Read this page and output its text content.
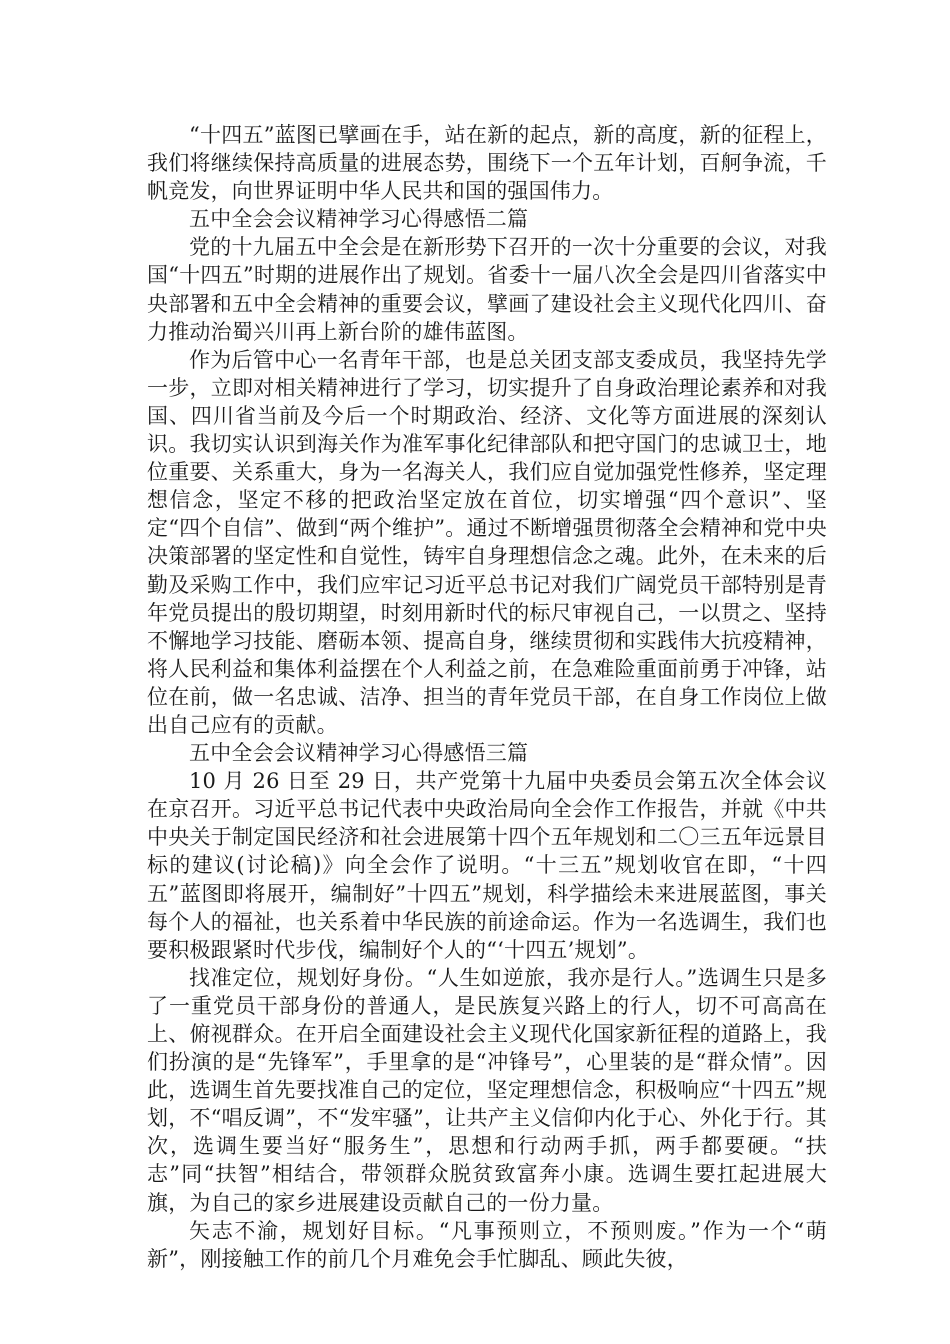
“十四五”蓝图已擘画在手，站在新的起点，新的高度，新的征程上，我们将继续保持高质量的进展态势，围绕下一个五年计划，百舸争流，千帆竞发，向世界证明中华人民共和国的强国伟力。

五中全会会议精神学习心得感悟二篇

党的十九届五中全会是在新形势下召开的一次十分重要的会议，对我国“十四五”时期的进展作出了规划。省委十一届八次全会是四川省落实中央部署和五中全会精神的重要会议，擘画了建设社会主义现代化四川、奋力推动治蜀兴川再上新台阶的雄伟蓝图。

作为后管中心一名青年干部，也是总关团支部支委成员，我坚持先学一步，立即对相关精神进行了学习，切实提升了自身政治理论素养和对我国、四川省当前及今后一个时期政治、经济、文化等方面进展的深刻认识。我切实认识到海关作为准军事化纪律部队和把守国门的忠诚卫士，地位重要、关系重大，身为一名海关人，我们应自觉加强党性修养，坚定理想信念，坚定不移的把政治坚定放在首位，切实增强“四个意识”、坚定“四个自信”、做到“两个维护”。通过不断增强贯彻落全会精神和党中央决策部署的坚定性和自觉性，铸牢自身理想信念之魂。此外，在未来的后勤及采购工作中，我们应牢记习近平总书记对我们广阔党员干部特别是青年党员提出的殷切期望，时刻用新时代的标尺审视自己，一以贯之、坚持不懈地学习技能、磨砺本领、提高自身，继续贯彻和实践伟大抗疫精神，将人民利益和集体利益摆在个人利益之前，在急难险重面前勇于冲锋，站位在前，做一名忠诚、洁净、担当的青年党员干部，在自身工作岗位上做出自己应有的贡献。

五中全会会议精神学习心得感悟三篇

10 月 26 日至 29 日，共产党第十九届中央委员会第五次全体会议在京召开。习近平总书记代表中央政治局向全会作工作报告，并就《中共中央关于制定国民经济和社会进展第十四个五年规划和二〇三五年远景目标的建议(讨论稿)》向全会作了说明。“十三五”规划收官在即，“十四五”蓝图即将展开，编制好”十四五”规划，科学描绘未来进展蓝图，事关每个人的福祉，也关系着中华民族的前途命运。作为一名选调生，我们也要积极跟紧时代步伐，编制好个人的“‘十四五’规划”。

找准定位，规划好身份。“人生如逆旅，我亦是行人。”选调生只是多了一重党员干部身份的普通人，是民族复兴路上的行人，切不可高高在上、俯视群众。在开启全面建设社会主义现代化国家新征程的道路上，我们扮演的是“先锋军”，手里拿的是“冲锋号”，心里装的是“群众情”。因此，选调生首先要找准自己的定位，坚定理想信念，积极响应“十四五”规划，不“唱反调”，不“发牢骚”，让共产主义信仰内化于心、外化于行。其次，选调生要当好“服务生”，思想和行动两手抓，两手都要硬。“扶志”同“扶智”相结合，带领群众脱贫致富奔小康。选调生要扛起进展大旗，为自己的家乡进展建设贡献自己的一份力量。

矢志不渝，规划好目标。“凡事预则立，不预则废。”作为一个“萌新”，刚接触工作的前几个月难免会手忙脚乱、顾此失彼，
